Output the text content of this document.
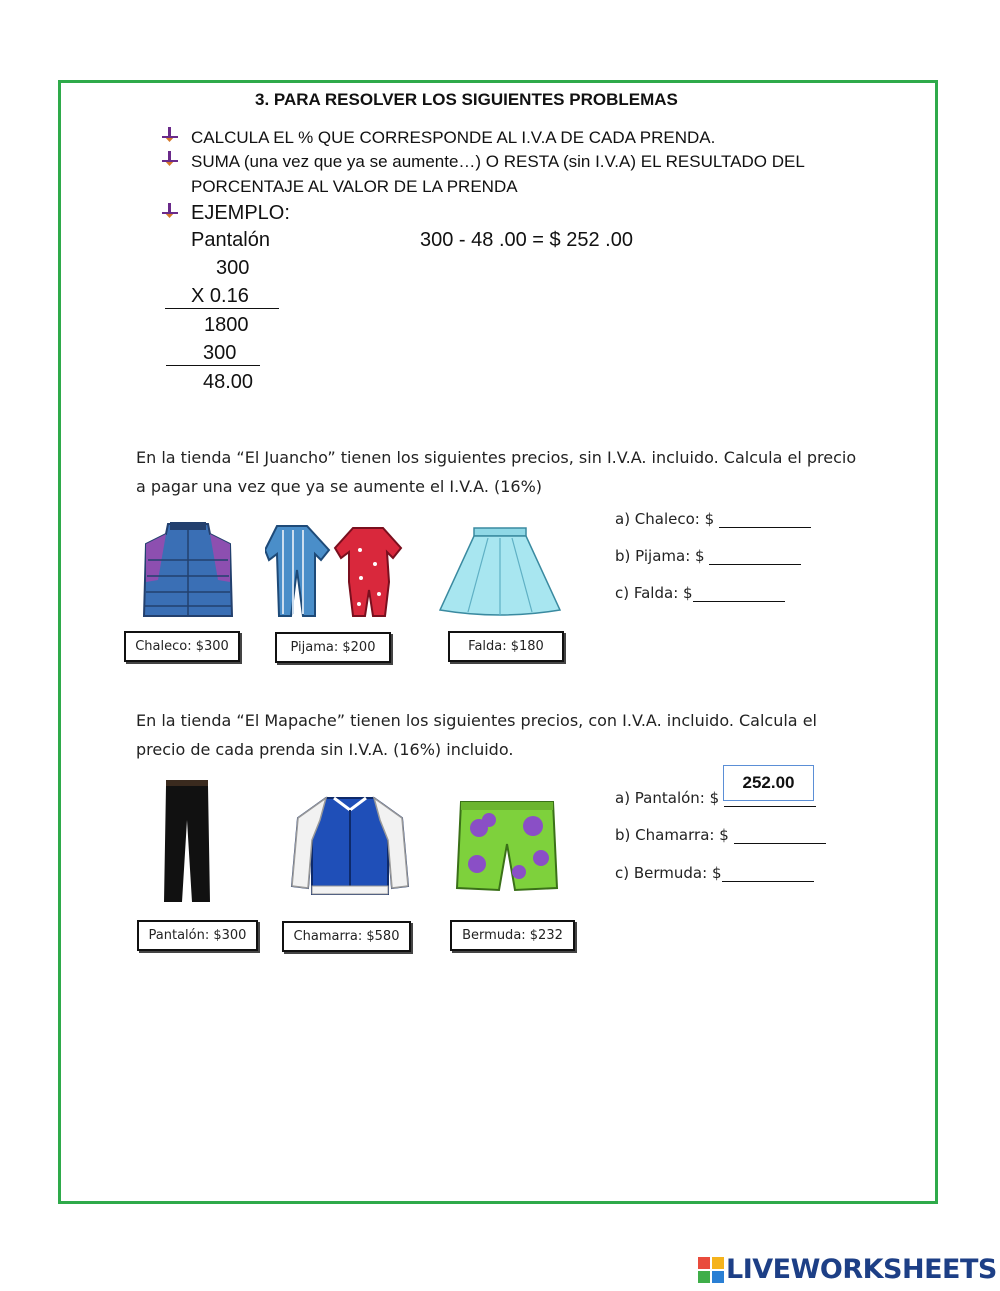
3. PARA RESOLVER LOS SIGUIENTES PROBLEMAS
CALCULA EL % QUE CORRESPONDE AL I.V.A DE CADA PRENDA.
SUMA (una vez que ya se aumente…) O RESTA (sin I.V.A) EL RESULTADO DEL
PORCENTAJE AL VALOR DE LA PRENDA
EJEMPLO:
Pantalón	300 - 48 .00 = $ 252 .00
300
X 0.16
1800
300
48.00
En la tienda “El Juancho” tienen los siguientes precios, sin I.V.A. incluido. Calcula el precio
a pagar una vez que ya se aumente el I.V.A. (16%)
Chaleco: $300	Pijama: $200	Falda: $180
a) Chaleco: $
b) Pijama: $
c) Falda: $
En la tienda “El Mapache” tienen los siguientes precios, con I.V.A. incluido. Calcula el
precio de cada prenda sin I.V.A. (16%) incluido.
Pantalón: $300	Chamarra: $580	Bermuda: $232
a) Pantalón: $
252.00
b) Chamarra: $
c) Bermuda: $
LIVEWORKSHEETS
